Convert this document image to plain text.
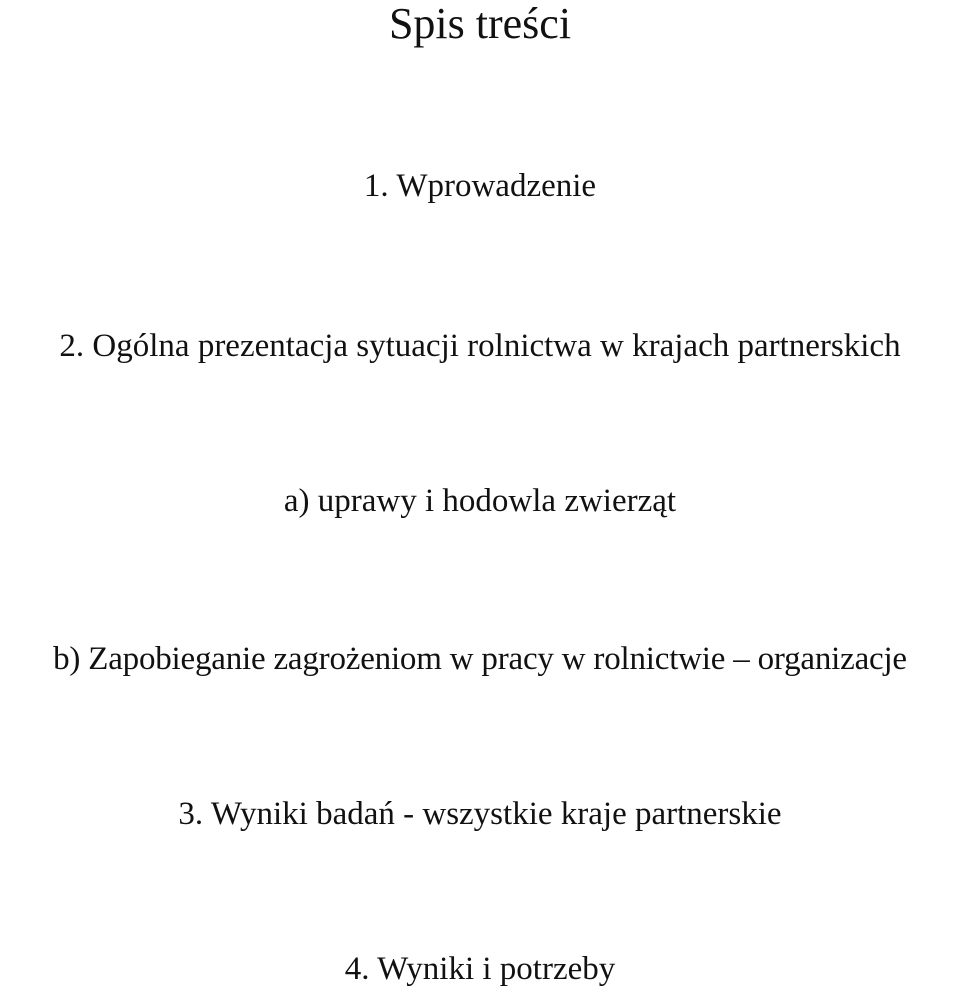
Spis treści

1. Wprowadzenie

2. Ogólna prezentacja sytuacji rolnictwa w krajach partnerskich

a) uprawy i hodowla zwierząt

b) Zapobieganie zagrożeniom w pracy w rolnictwie – organizacje

3. Wyniki badań - wszystkie kraje partnerskie

4. Wyniki i potrzeby
